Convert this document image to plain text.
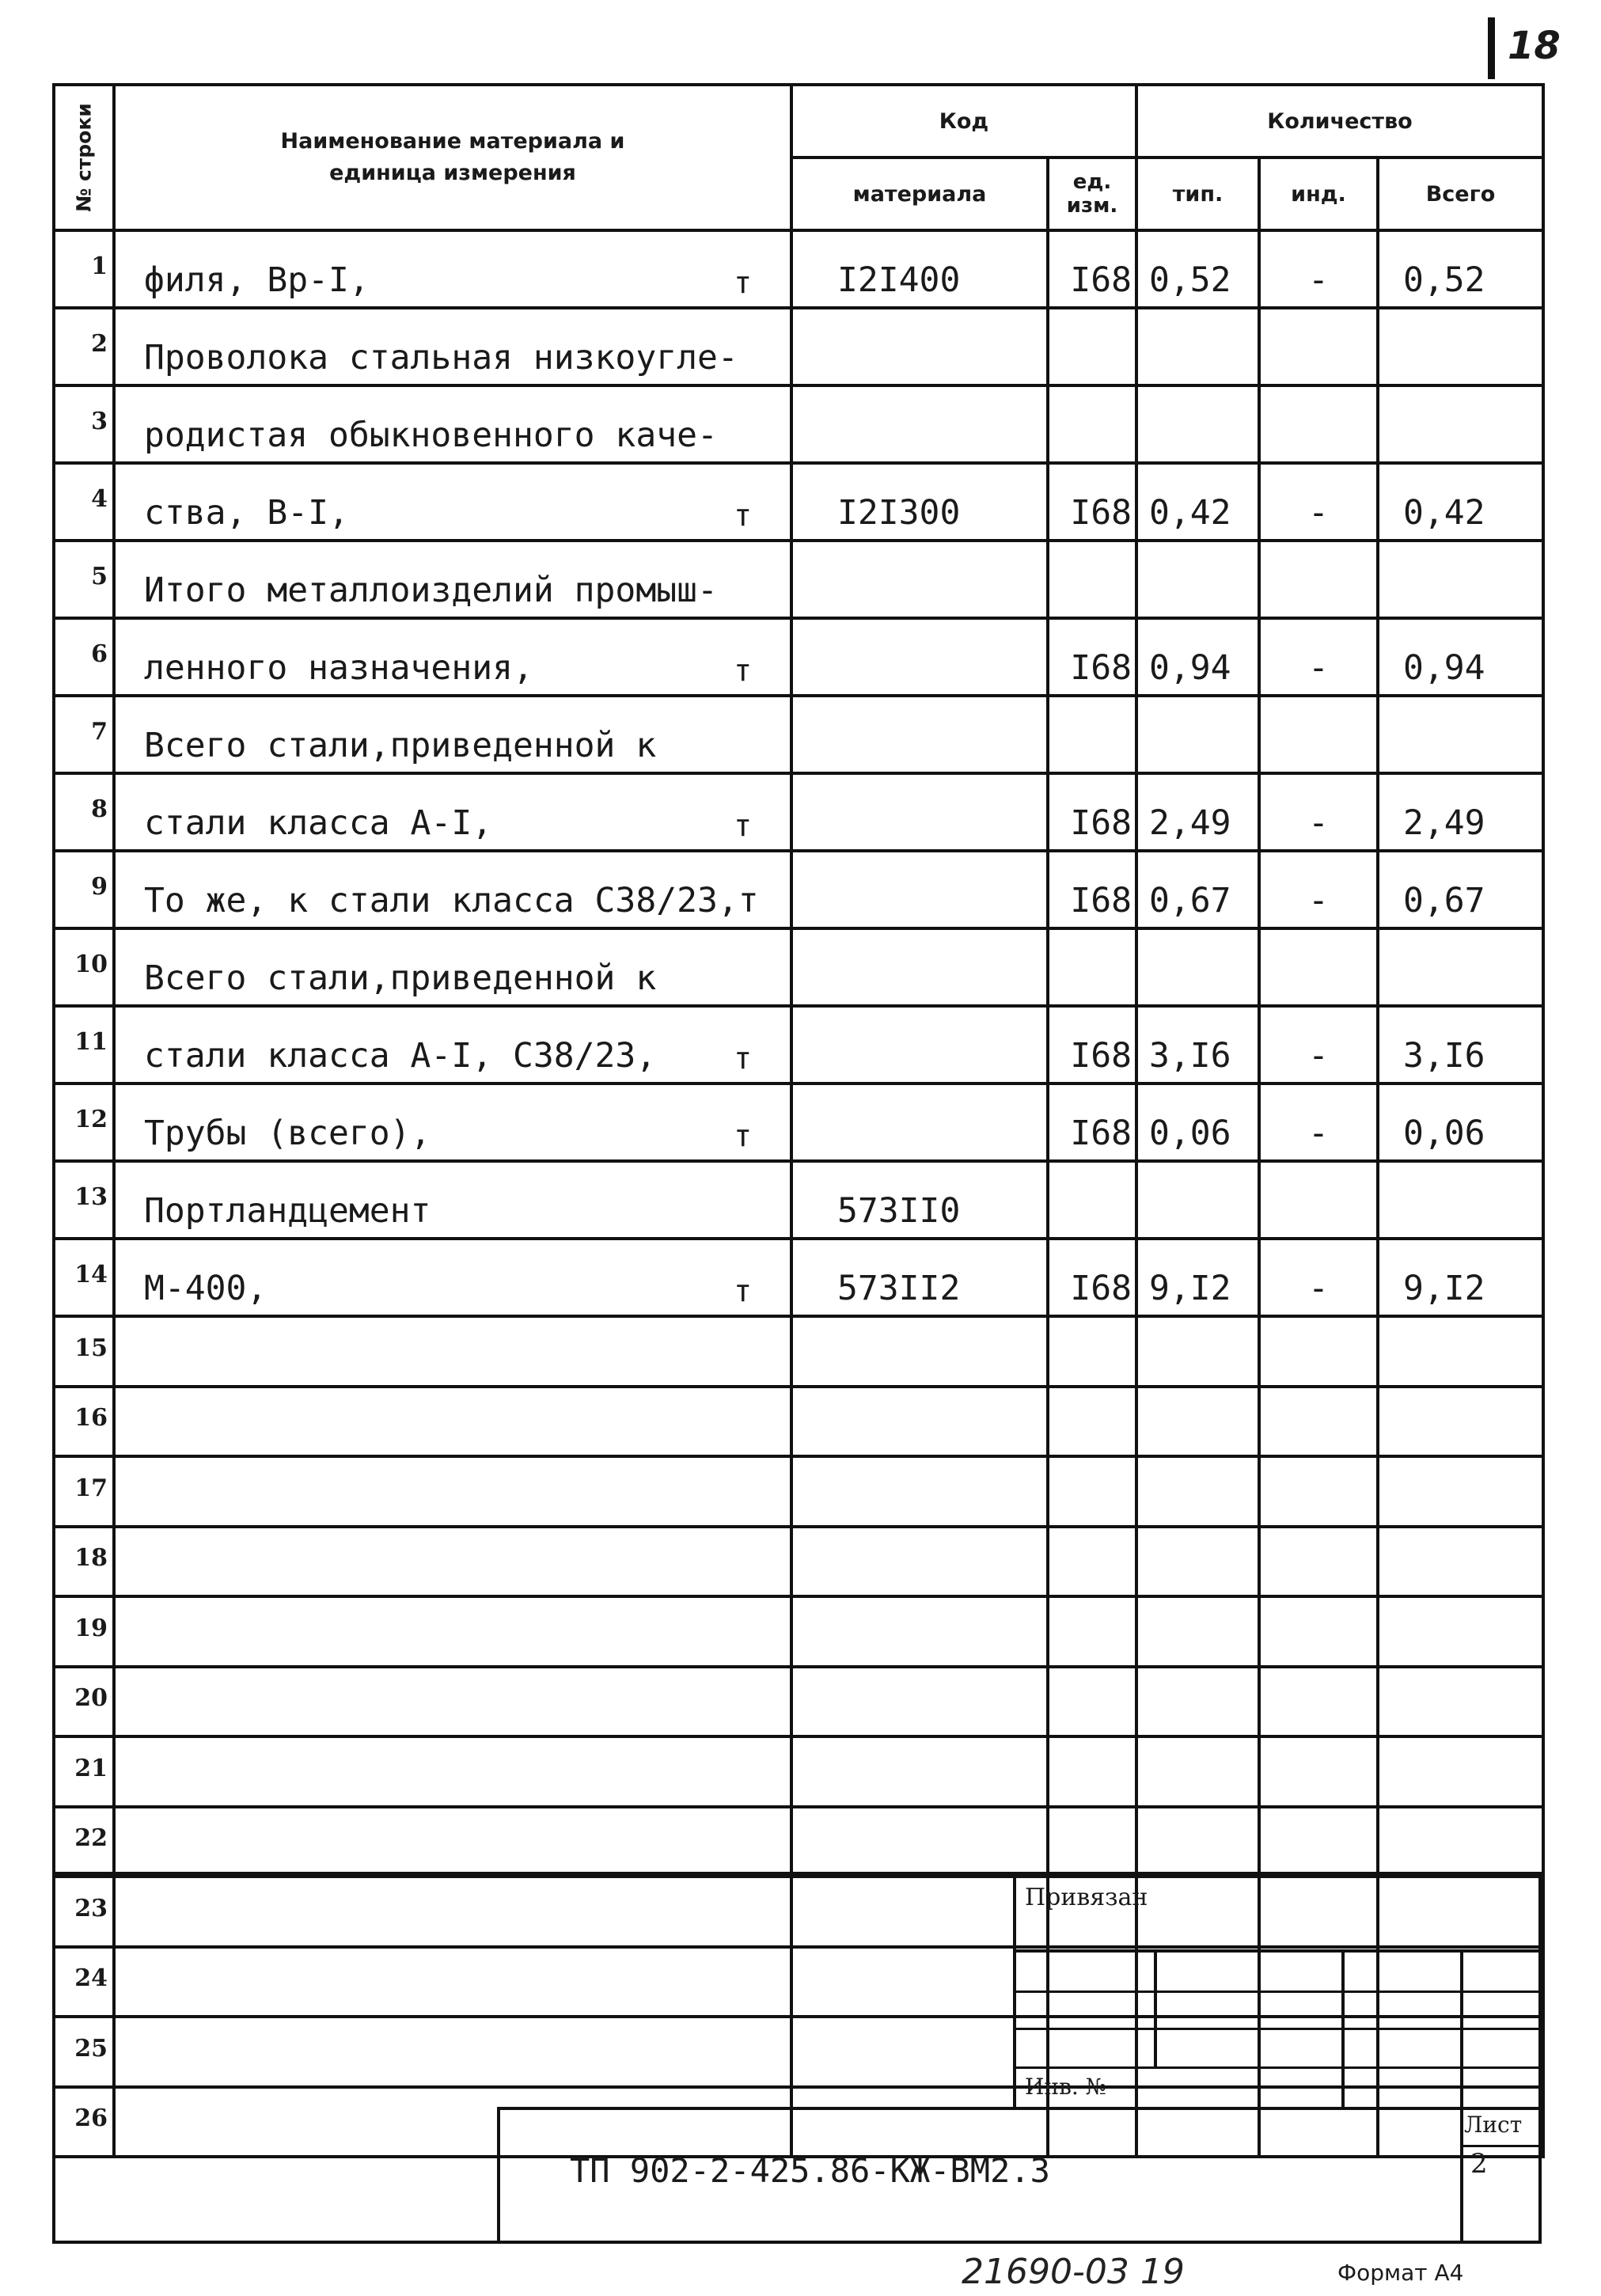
18
№ строки	Наименование материала и единица измерения	Код		Количество		
		материала	ед. изм.	тип.	инд.	Всего
1	филя, Вр-I, т	I2I400	I68	0,52	-	0,52
2	Проволока стальная низкоугле-

3	родистая обыкновенного каче-

4	ства, В-I, т	I2I300	I68	0,42	-	0,42
5	Итого металлоизделий промыш-

6	ленного назначения, т		I68	0,94	-	0,94
7	Всего стали,приведенной к

8	стали класса А-I, т		I68	2,49	-	2,49
9	То же, к стали класса С38/23,т		I68	0,67	-	0,67
10	Всего стали,приведенной к

11	стали класса А-I, С38/23, т		I68	3,I6	-	3,I6
12	Трубы (всего), т		I68	0,06	-	0,06
13	Портландцемент	573II0				
14	М-400, т	573II2	I68	9,I2	-	9,I2
15	

16	

17	

18	

19	

20	

21	

22	

23	

24	

25	

26	

Привязан
Инв. №
Лист
2
ТП 902-2-425.86-КЖ-ВМ2.3
21690-03 19	Формат А4
